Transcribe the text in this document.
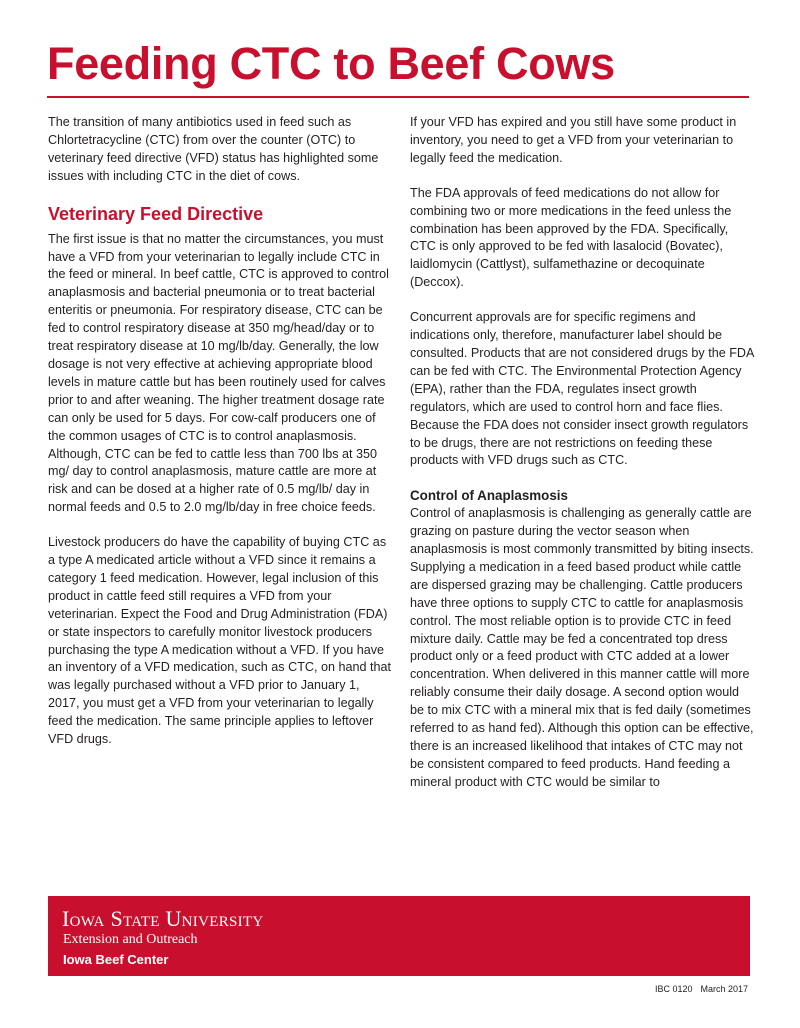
Feeding CTC to Beef Cows

The transition of many antibiotics used in feed such as Chlortetracycline (CTC) from over the counter (OTC) to veterinary feed directive (VFD) status has highlighted some issues with including CTC in the diet of cows.

Veterinary Feed Directive

The first issue is that no matter the circumstances, you must have a VFD from your veterinarian to legally include CTC in the feed or mineral. In beef cattle, CTC is approved to control anaplasmosis and bacterial pneumonia or to treat bacterial enteritis or pneumonia. For respiratory disease, CTC can be fed to control respiratory disease at 350 mg/head/day or to treat respiratory disease at 10 mg/lb/day. Generally, the low dosage is not very effective at achieving appropriate blood levels in mature cattle but has been routinely used for calves prior to and after weaning. The higher treatment dosage rate can only be used for 5 days. For cow-calf producers one of the common usages of CTC is to control anaplasmosis. Although, CTC can be fed to cattle less than 700 lbs at 350 mg/ day to control anaplasmosis, mature cattle are more at risk and can be dosed at a higher rate of 0.5 mg/lb/ day in normal feeds and 0.5 to 2.0 mg/lb/day in free choice feeds.

Livestock producers do have the capability of buying CTC as a type A medicated article without a VFD since it remains a category 1 feed medication. However, legal inclusion of this product in cattle feed still requires a VFD from your veterinarian. Expect the Food and Drug Administration (FDA) or state inspectors to carefully monitor livestock producers purchasing the type A medication without a VFD. If you have an inventory of a VFD medication, such as CTC, on hand that was legally purchased without a VFD prior to January 1, 2017, you must get a VFD from your veterinarian to legally feed the medication. The same principle applies to leftover VFD drugs.

If your VFD has expired and you still have some product in inventory, you need to get a VFD from your veterinarian to legally feed the medication.

The FDA approvals of feed medications do not allow for combining two or more medications in the feed unless the combination has been approved by the FDA. Specifically, CTC is only approved to be fed with lasalocid (Bovatec), laidlomycin (Cattlyst), sulfamethazine or decoquinate (Deccox).

Concurrent approvals are for specific regimens and indications only, therefore, manufacturer label should be consulted. Products that are not considered drugs by the FDA can be fed with CTC. The Environmental Protection Agency (EPA), rather than the FDA, regulates insect growth regulators, which are used to control horn and face flies. Because the FDA does not consider insect growth regulators to be drugs, there are not restrictions on feeding these products with VFD drugs such as CTC.

Control of Anaplasmosis

Control of anaplasmosis is challenging as generally cattle are grazing on pasture during the vector season when anaplasmosis is most commonly transmitted by biting insects. Supplying a medication in a feed based product while cattle are dispersed grazing may be challenging. Cattle producers have three options to supply CTC to cattle for anaplasmosis control. The most reliable option is to provide CTC in feed mixture daily. Cattle may be fed a concentrated top dress product only or a feed product with CTC added at a lower concentration. When delivered in this manner cattle will more reliably consume their daily dosage. A second option would be to mix CTC with a mineral mix that is fed daily (sometimes referred to as hand fed). Although this option can be effective, there is an increased likelihood that intakes of CTC may not be consistent compared to feed products. Hand feeding a mineral product with CTC would be similar to

Iowa State University
Extension and Outreach
Iowa Beef Center
IBC 0120 March 2017
